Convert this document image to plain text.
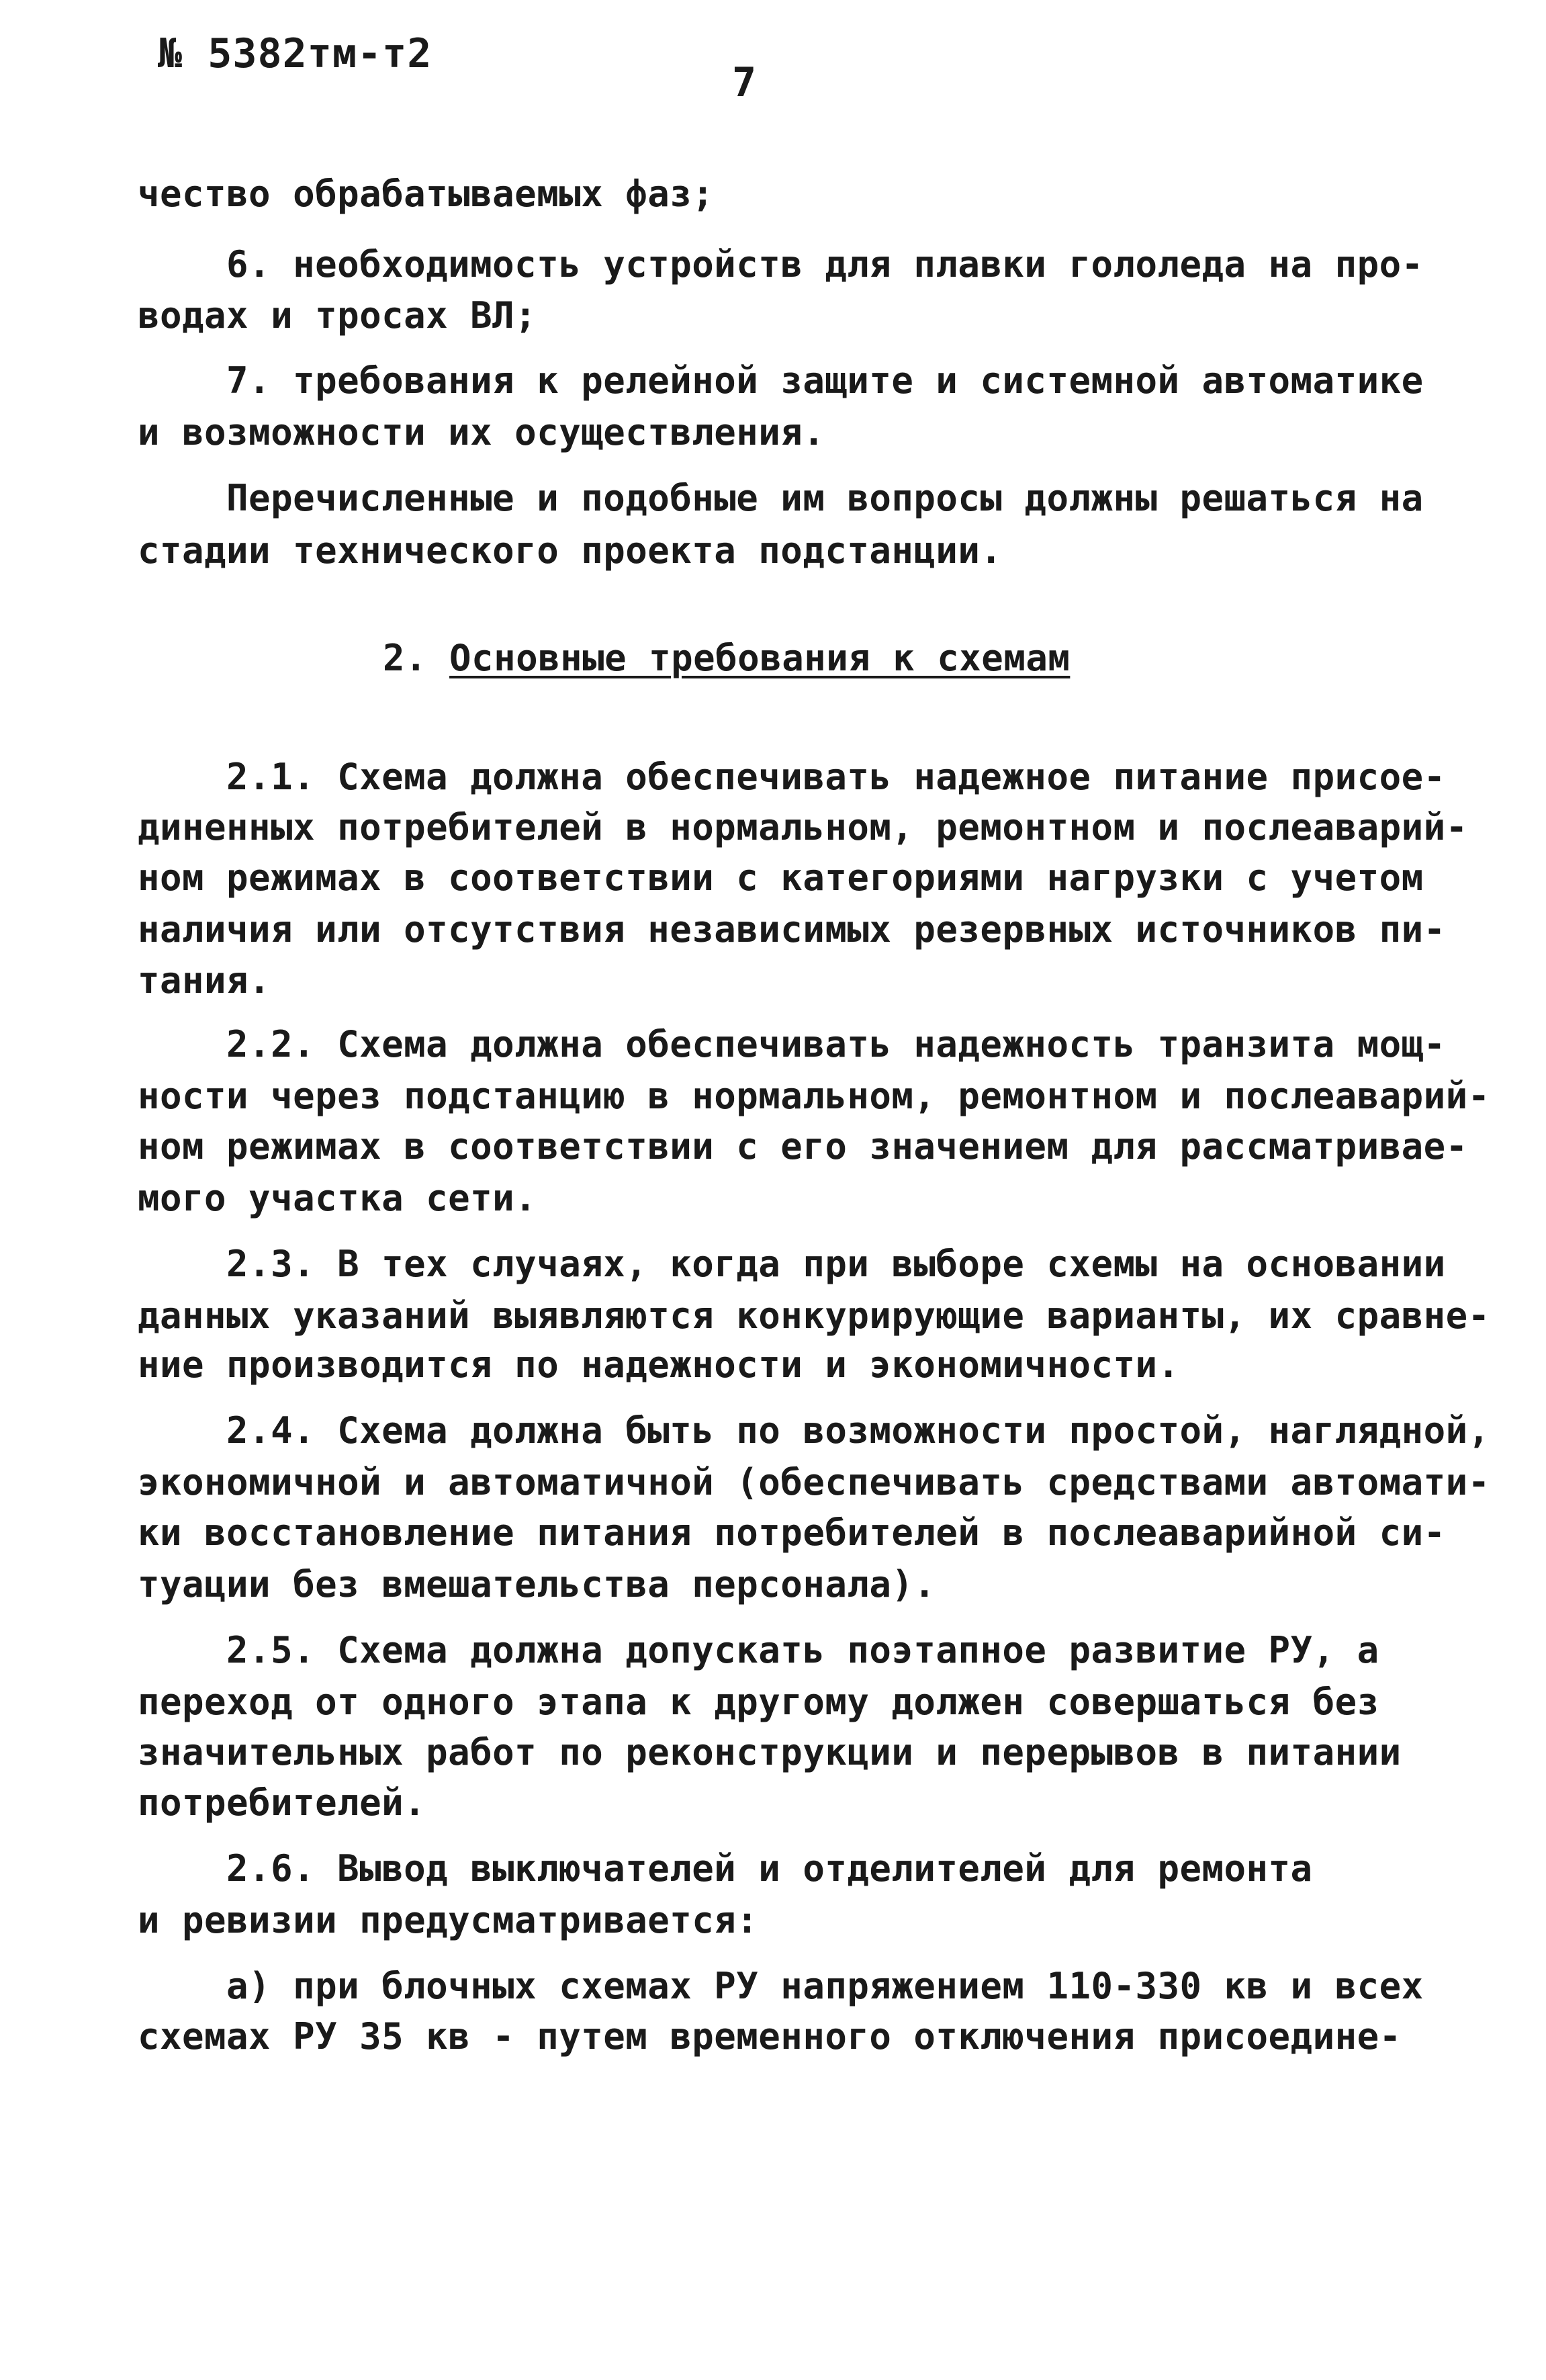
№ 5382тм-т2
7
чество обрабатываемых фаз;
6. необходимость устройств для плавки гололеда на про-
водах и тросах ВЛ;
7. требования к релейной защите и системной автоматике
и возможности их осуществления.
Перечисленные и подобные им вопросы должны решаться на
стадии технического проекта подстанции.
2. Основные требования к схемам
2.1. Схема должна обеспечивать надежное питание присое-
диненных потребителей в нормальном, ремонтном и послеаварий-
ном режимах в соответствии с категориями нагрузки с учетом
наличия или отсутствия независимых резервных источников пи-
тания.
2.2. Схема должна обеспечивать надежность транзита мощ-
ности через подстанцию в нормальном, ремонтном и послеаварий-
ном режимах в соответствии с его значением для рассматривае-
мого участка сети.
2.3. В тех случаях, когда при выборе схемы на основании
данных указаний выявляются конкурирующие варианты, их сравне-
ние производится по надежности и экономичности.
2.4. Схема должна быть по возможности простой, наглядной,
экономичной и автоматичной (обеспечивать средствами автомати-
ки восстановление питания потребителей в послеаварийной си-
туации без вмешательства персонала).
2.5. Схема должна допускать поэтапное развитие РУ, а
переход от одного этапа к другому должен совершаться без
значительных работ по реконструкции и перерывов в питании
потребителей.
2.6. Вывод выключателей и отделителей для ремонта
и ревизии предусматривается:
а) при блочных схемах РУ напряжением 110-330 кв и всех
схемах РУ 35 кв - путем временного отключения присоедине-
